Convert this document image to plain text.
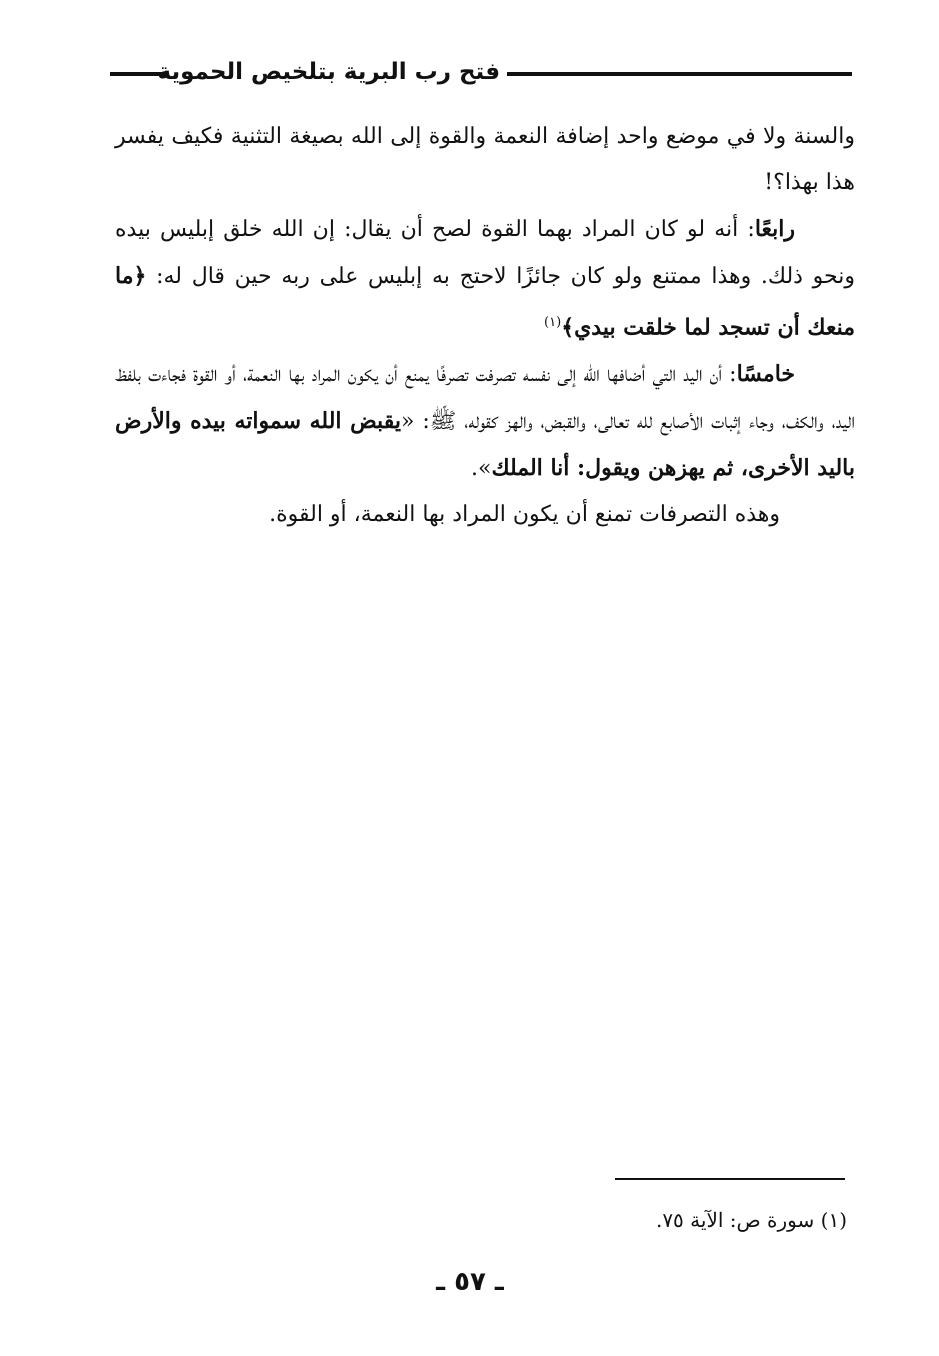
فتح رب البرية بتلخيص الحموية

والسنة ولا في موضع واحد إضافة النعمة والقوة إلى الله بصيغة التثنية فكيف يفسر هذا بهذا؟!

رابعًا: أنه لو كان المراد بهما القوة لصح أن يقال: إن الله خلق إبليس بيده ونحو ذلك. وهذا ممتنع ولو كان جائزًا لاحتج به إبليس على ربه حين قال له: ﴿ما منعك أن تسجد لما خلقت بيدي﴾$^{(١)}$

خامسًا: أن اليد التي أضافها الله إلى نفسه تصرفت تصرفًا يمنع أن يكون المراد بها النعمة، أو القوة فجاءت بلفظ اليد، والكف، وجاء إثبات الأصابع لله تعالى، والقبض، والهز كقوله، ﷺ: «يقبض الله سمواته بيده والأرض باليد الأخرى، ثم يهزهن ويقول: أنا الملك».

وهذه التصرفات تمنع أن يكون المراد بها النعمة، أو القوة.

(١) سورة ص: الآية ٧٥.
ـ ٥٧ ـ
